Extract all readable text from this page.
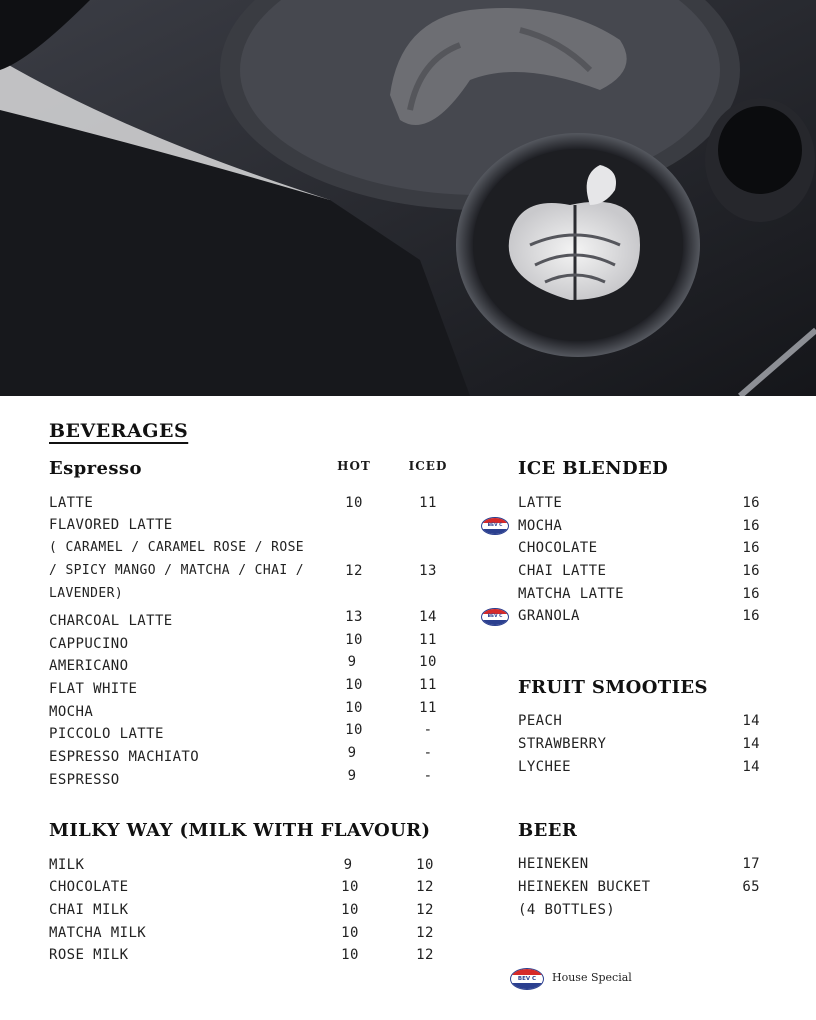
BEVERAGES
Espresso	HOT	ICED
LATTE	10	11
FLAVORED LATTE
( CARAMEL / CARAMEL ROSE / ROSE
/ SPICY MANGO / MATCHA / CHAI /	12	13
LAVENDER)
CHARCOAL LATTE	13	14
CAPPUCINO	10	11
AMERICANO	9	10
FLAT WHITE	10	11
MOCHA	10	11
PICCOLO LATTE	10	-
ESPRESSO MACHIATO	9	-
ESPRESSO	9	-
MILKY WAY (MILK WITH FLAVOUR)
MILK	9	10
CHOCOLATE	10	12
CHAI MILK	10	12
MATCHA MILK	10	12
ROSE MILK	10	12
ICE BLENDED
LATTE	16
BEV C	MOCHA	16
CHOCOLATE	16
CHAI LATTE	16
MATCHA LATTE	16
BEV C	GRANOLA	16
FRUIT SMOOTIES
PEACH	14
STRAWBERRY	14
LYCHEE	14
BEER
HEINEKEN	17
HEINEKEN BUCKET	65
(4 BOTTLES)
BEV C	House Special
